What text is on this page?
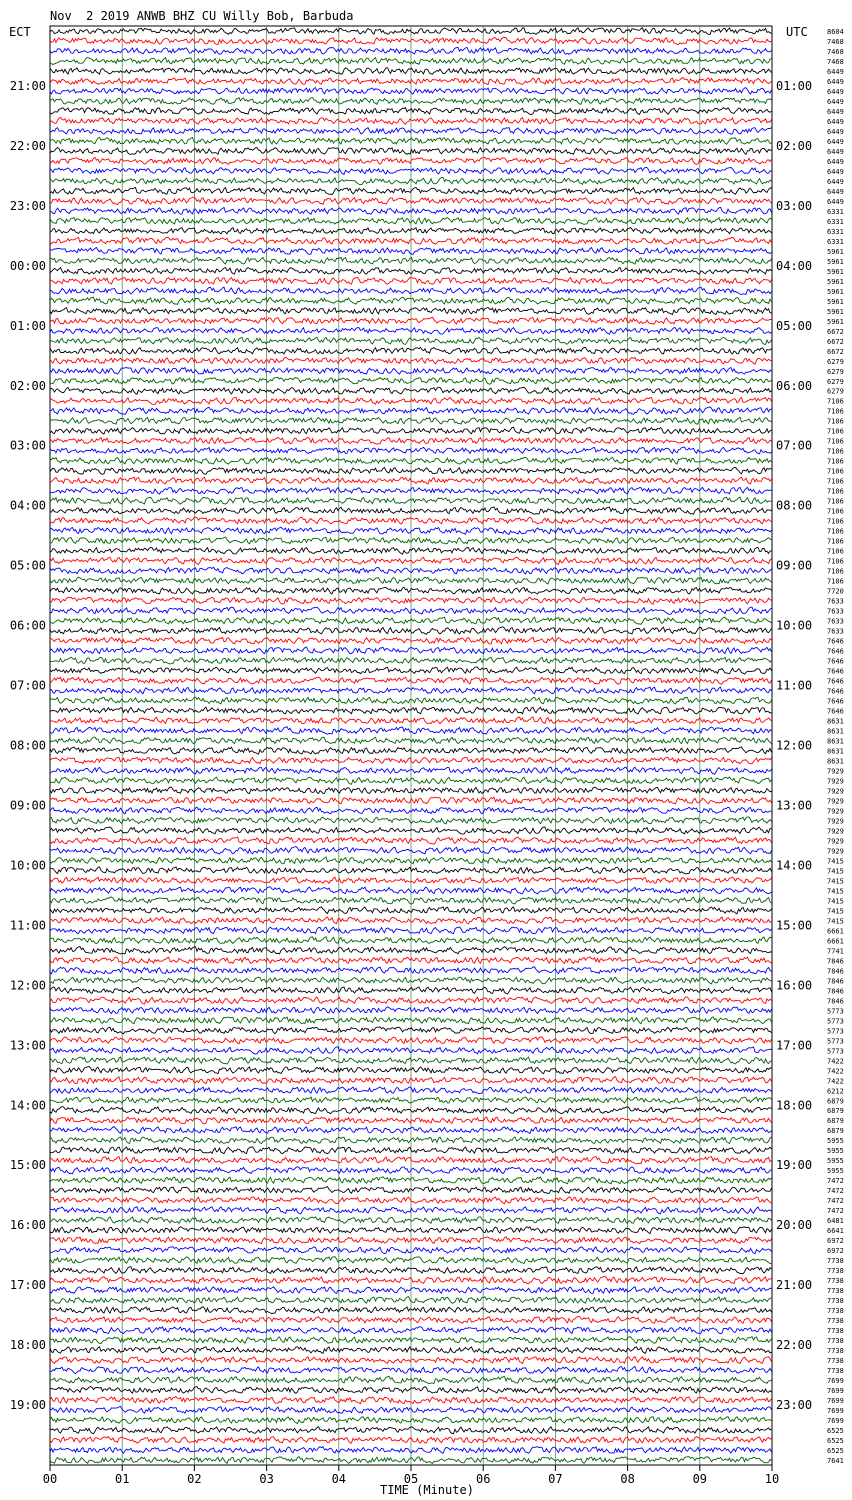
Nov  2 2019 ANWB BHZ CU Willy Bob, Barbuda
ECT	UTC
TIME (Minute)
00	01	02	03	04	05	06	07	08	09	10
8604
7468
7468
7468
6449
6449
6449
6449
6449
6449
6449
6449
6449
6449
6449
6449
6449
6449
6331
6331
6331
6331
5961
5961
5961
5961
5961
5961
5961
5961
6672
6672
6672
6279
6279
6279
6279
7106
7106
7106
7106
7106
7106
7106
7106
7106
7106
7106
7106
7106
7106
7106
7106
7106
7106
7106
7720
7633
7633
7633
7633
7646
7646
7646
7646
7646
7646
7646
7646
8631
8631
8631
8631
8631
7929
7929
7929
7929
7929
7929
7929
7929
7929
7415
7415
7415
7415
7415
7415
7415
6661
6661
7741
7846
7846
7846
7846
7846
5773
5773
5773
5773
5773
7422
7422
7422
6212
6879
6879
6879
6879
5955
5955
5955
5955
7472
7472
7472
7472
6481
6641
6972
6972
7738
7738
7738
7738
7738
7738
7738
7738
7738
7738
7738
7738
7699
7699
7699
7699
7699
6525
6525
6525
7641
21:00	01:00
22:00	02:00
23:00	03:00
00:00	04:00
01:00	05:00
02:00	06:00
03:00	07:00
04:00	08:00
05:00	09:00
06:00	10:00
07:00	11:00
08:00	12:00
09:00	13:00
10:00	14:00
11:00	15:00
12:00	16:00
13:00	17:00
14:00	18:00
15:00	19:00
16:00	20:00
17:00	21:00
18:00	22:00
19:00	23:00
